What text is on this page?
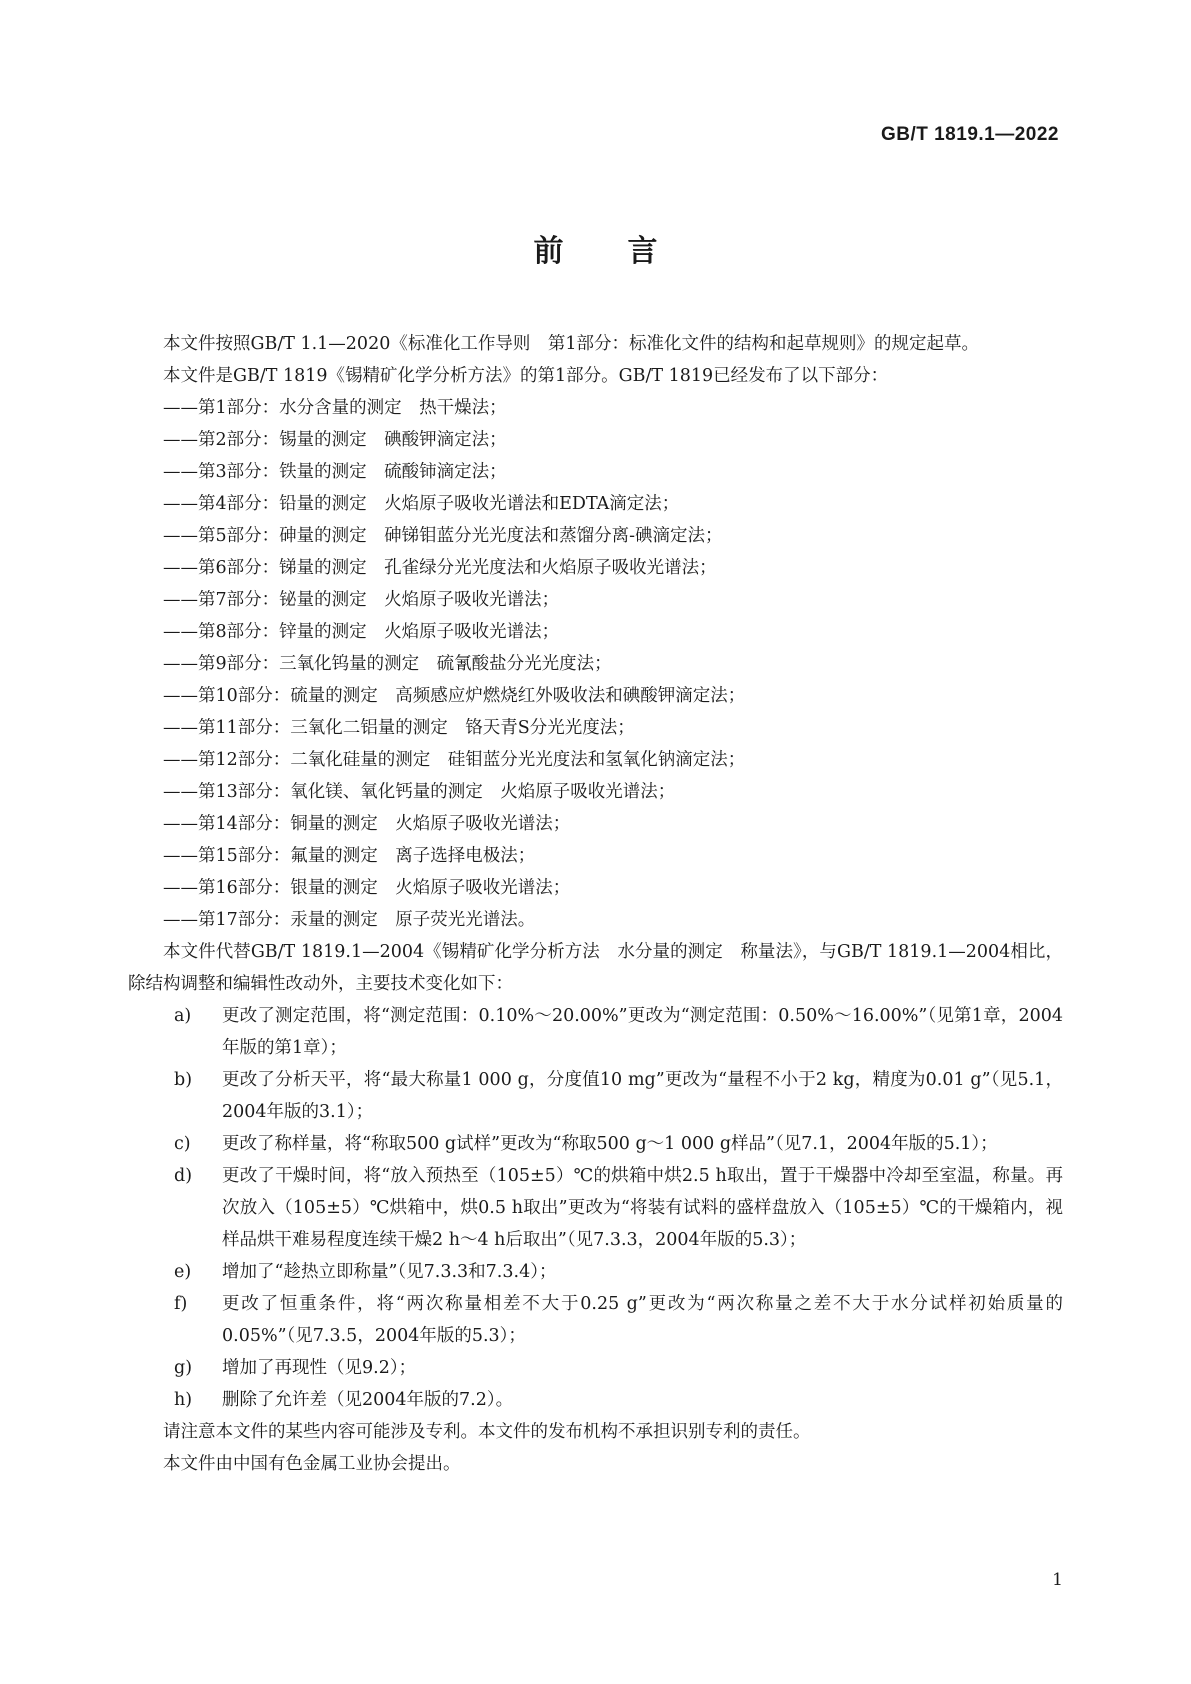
GB/T 1819.1—2022
前言

本文件按照GB/T 1.1—2020《标准化工作导则　第1部分：标准化文件的结构和起草规则》的规定起草。

本文件是GB/T 1819《锡精矿化学分析方法》的第1部分。GB/T 1819已经发布了以下部分：

——第1部分：水分含量的测定　热干燥法；

——第2部分：锡量的测定　碘酸钾滴定法；

——第3部分：铁量的测定　硫酸铈滴定法；

——第4部分：铅量的测定　火焰原子吸收光谱法和EDTA滴定法；

——第5部分：砷量的测定　砷锑钼蓝分光光度法和蒸馏分离-碘滴定法；

——第6部分：锑量的测定　孔雀绿分光光度法和火焰原子吸收光谱法；

——第7部分：铋量的测定　火焰原子吸收光谱法；

——第8部分：锌量的测定　火焰原子吸收光谱法；

——第9部分：三氧化钨量的测定　硫氰酸盐分光光度法；

——第10部分：硫量的测定　高频感应炉燃烧红外吸收法和碘酸钾滴定法；

——第11部分：三氧化二铝量的测定　铬天青S分光光度法；

——第12部分：二氧化硅量的测定　硅钼蓝分光光度法和氢氧化钠滴定法；

——第13部分：氧化镁、氧化钙量的测定　火焰原子吸收光谱法；

——第14部分：铜量的测定　火焰原子吸收光谱法；

——第15部分：氟量的测定　离子选择电极法；

——第16部分：银量的测定　火焰原子吸收光谱法；

——第17部分：汞量的测定　原子荧光光谱法。

本文件代替GB/T 1819.1—2004《锡精矿化学分析方法　水分量的测定　称量法》，与GB/T 1819.1—2004相比，除结构调整和编辑性改动外，主要技术变化如下：

a) 更改了测定范围，将“测定范围：0.10%～20.00%”更改为“测定范围：0.50%～16.00%”（见第1章，2004年版的第1章）；
b) 更改了分析天平，将“最大称量1 000 g，分度值10 mg”更改为“量程不小于2 kg，精度为0.01 g”（见5.1，2004年版的3.1）；
c) 更改了称样量，将“称取500 g试样”更改为“称取500 g～1 000 g样品”（见7.1，2004年版的5.1）；
d) 更改了干燥时间，将“放入预热至（105±5）℃的烘箱中烘2.5 h取出，置于干燥器中冷却至室温，称量。再次放入（105±5）℃烘箱中，烘0.5 h取出”更改为“将装有试料的盛样盘放入（105±5）℃的干燥箱内，视样品烘干难易程度连续干燥2 h～4 h后取出”（见7.3.3，2004年版的5.3）；
e) 增加了“趁热立即称量”（见7.3.3和7.3.4）；
f) 更改了恒重条件，将“两次称量相差不大于0.25 g”更改为“两次称量之差不大于水分试样初始质量的0.05%”（见7.3.5，2004年版的5.3）；
g) 增加了再现性（见9.2）；
h) 删除了允许差（见2004年版的7.2）。

请注意本文件的某些内容可能涉及专利。本文件的发布机构不承担识别专利的责任。

本文件由中国有色金属工业协会提出。

1
